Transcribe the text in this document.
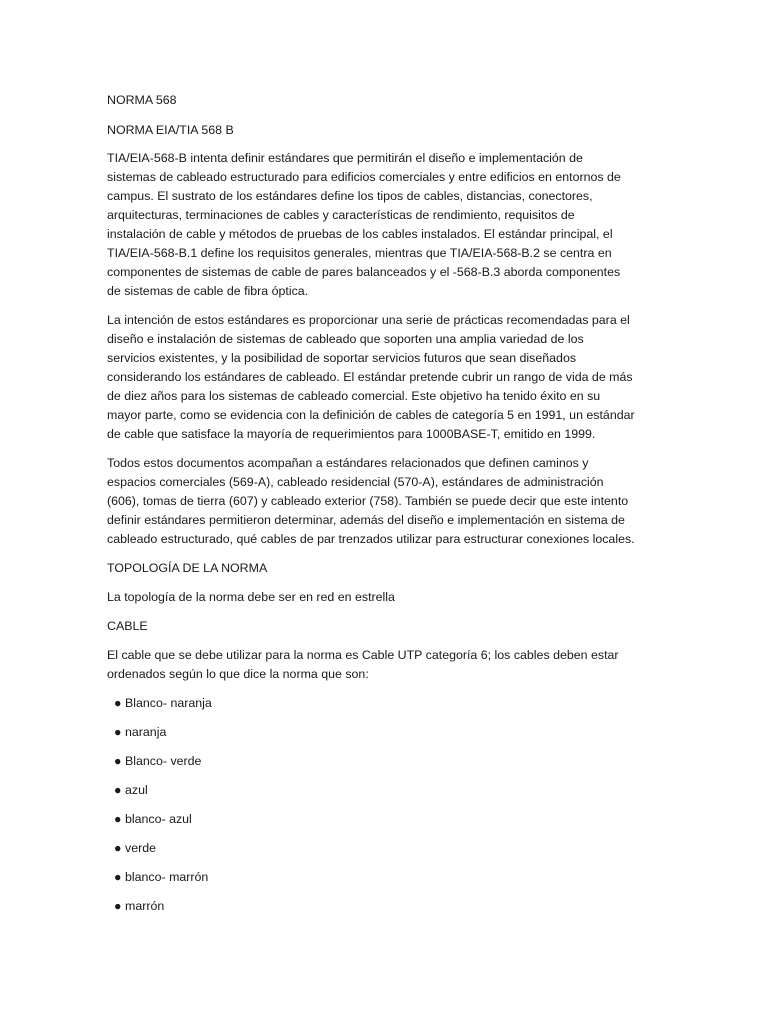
NORMA 568
NORMA EIA/TIA 568 B

TIA/EIA-568-B intenta definir estándares que permitirán el diseño e implementación de sistemas de cableado estructurado para edificios comerciales y entre edificios en entornos de campus. El sustrato de los estándares define los tipos de cables, distancias, conectores, arquitecturas, terminaciones de cables y características de rendimiento, requisitos de instalación de cable y métodos de pruebas de los cables instalados. El estándar principal, el TIA/EIA-568-B.1 define los requisitos generales, mientras que TIA/EIA-568-B.2 se centra en componentes de sistemas de cable de pares balanceados y el -568-B.3 aborda componentes de sistemas de cable de fibra óptica.

La intención de estos estándares es proporcionar una serie de prácticas recomendadas para el diseño e instalación de sistemas de cableado que soporten una amplia variedad de los servicios existentes, y la posibilidad de soportar servicios futuros que sean diseñados considerando los estándares de cableado. El estándar pretende cubrir un rango de vida de más de diez años para los sistemas de cableado comercial. Este objetivo ha tenido éxito en su mayor parte, como se evidencia con la definición de cables de categoría 5 en 1991, un estándar de cable que satisface la mayoría de requerimientos para 1000BASE-T, emitido en 1999.

Todos estos documentos acompañan a estándares relacionados que definen caminos y espacios comerciales (569-A), cableado residencial (570-A), estándares de administración (606), tomas de tierra (607) y cableado exterior (758). También se puede decir que este intento definir estándares permitieron determinar, además del diseño e implementación en sistema de cableado estructurado, qué cables de par trenzados utilizar para estructurar conexiones locales.

TOPOLOGÍA DE LA NORMA

La topología de la norma debe ser en red en estrella

CABLE

El cable que se debe utilizar para la norma es Cable UTP categoría 6; los cables deben estar ordenados según lo que dice la norma que son:

● Blanco- naranja
● naranja
● Blanco- verde
● azul
● blanco- azul
● verde
● blanco- marrón
● marrón
